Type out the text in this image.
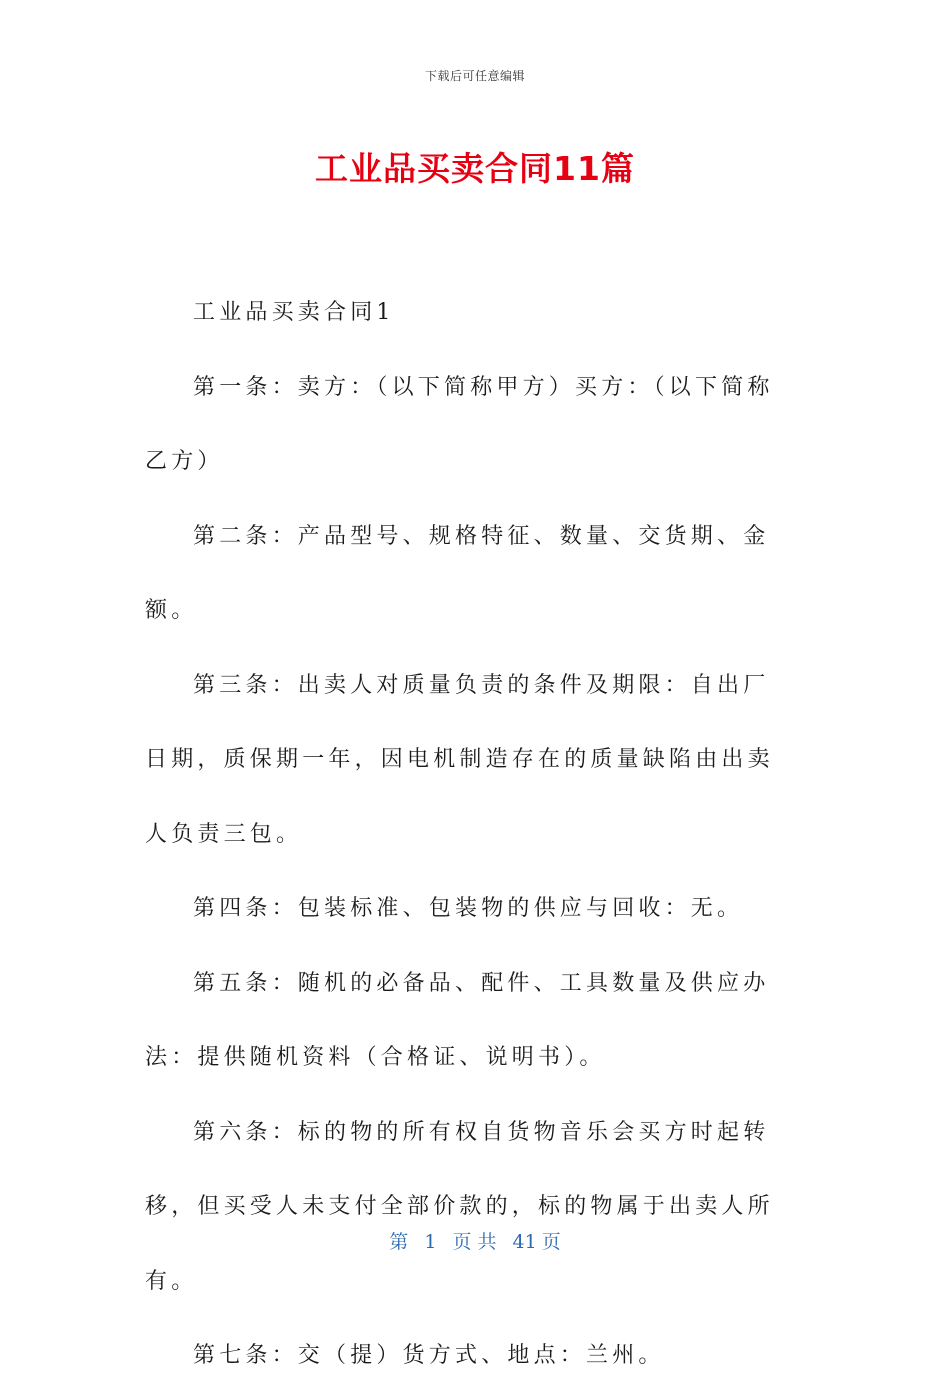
下载后可任意编辑
工业品买卖合同11篇

工业品买卖合同1

第一条：卖方：（以下简称甲方）买方：（以下简称乙方）

第二条：产品型号、规格特征、数量、交货期、金额。

第三条：出卖人对质量负责的条件及期限：自出厂日期，质保期一年，因电机制造存在的质量缺陷由出卖人负责三包。

第四条：包装标准、包装物的供应与回收：无。

第五条：随机的必备品、配件、工具数量及供应办法：提供随机资料（合格证、说明书）。

第六条：标的物的所有权自货物音乐会买方时起转移，但买受人未支付全部价款的，标的物属于出卖人所有。

第七条：交（提）货方式、地点：兰州。

第 1 页 共 41 页
